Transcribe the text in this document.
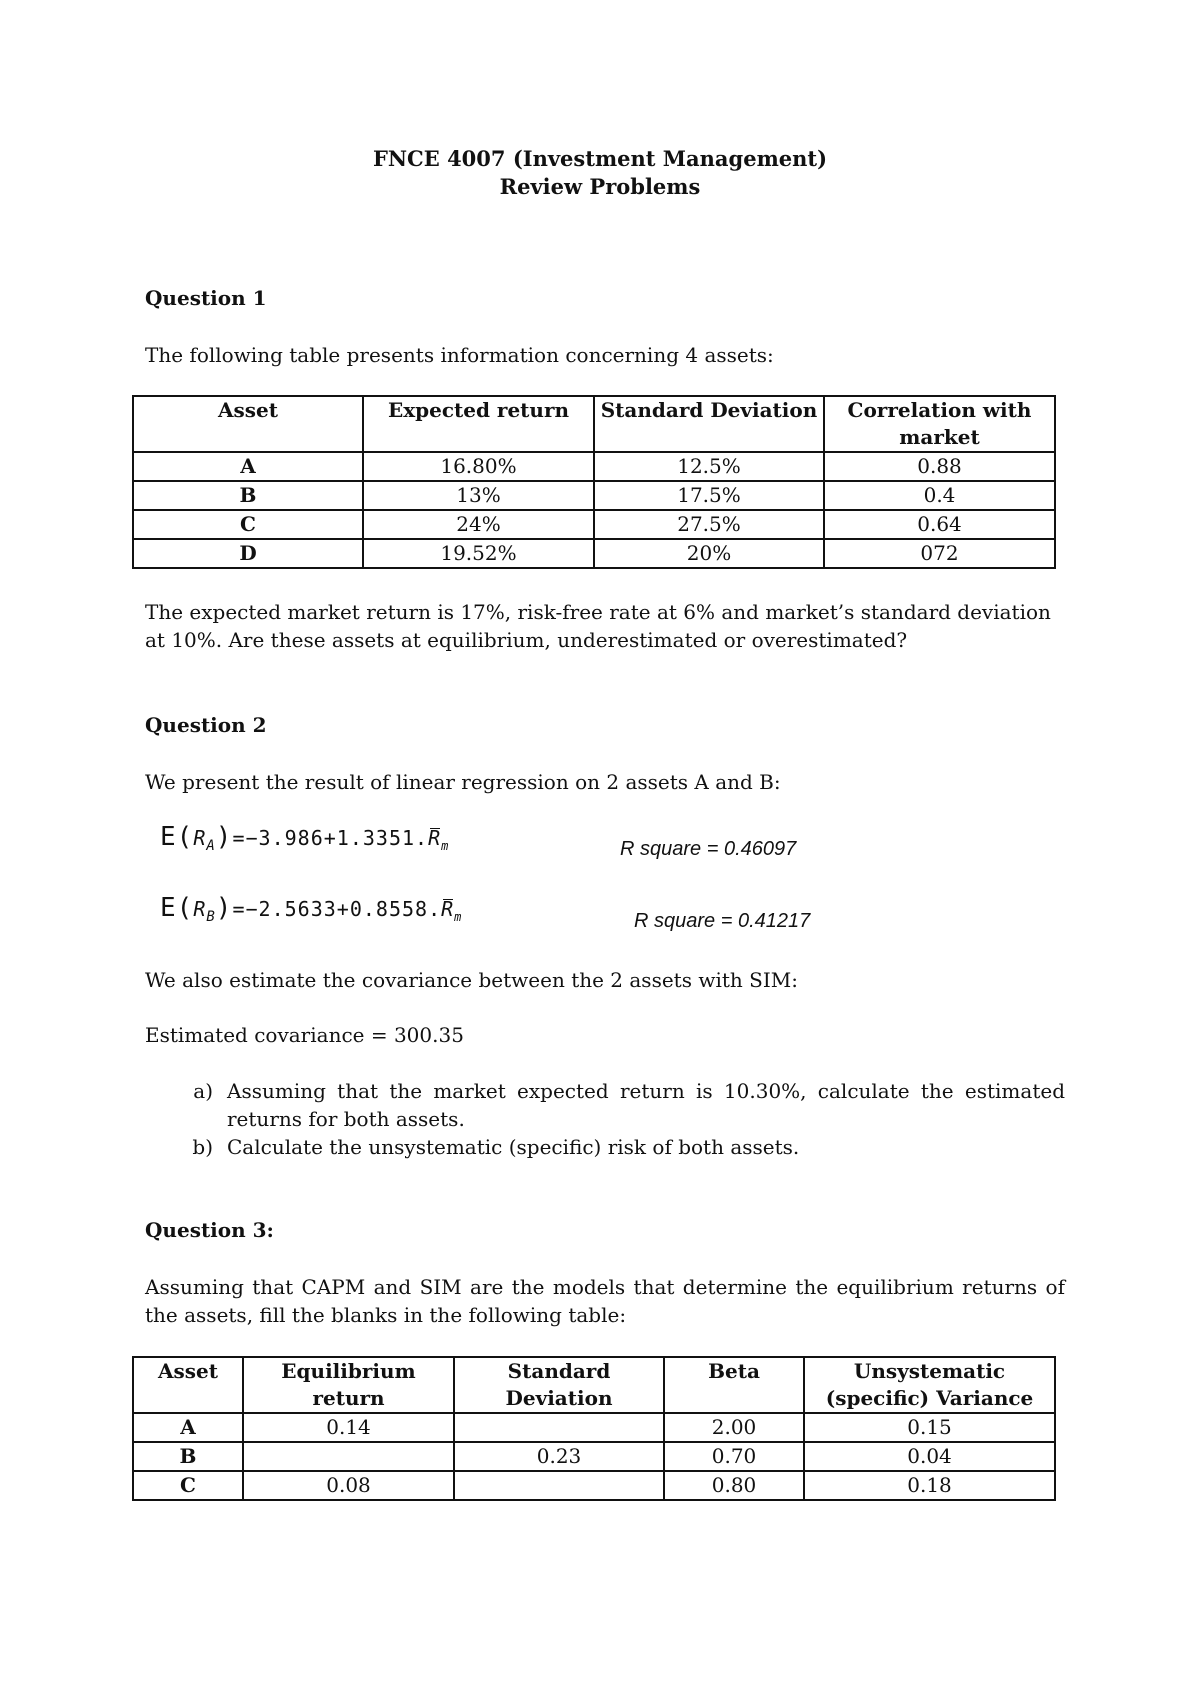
FNCE 4007 (Investment Management)
Review Problems
Question 1
The following table presents information concerning 4 assets:
Asset	Expected return	Standard Deviation	Correlation with market
A	16.80%	12.5%	0.88
B	13%	17.5%	0.4
C	24%	27.5%	0.64
D	19.52%	20%	072
The expected market return is 17%, risk-free rate at 6% and market’s standard deviation at 10%. Are these assets at equilibrium, underestimated or overestimated?
Question 2
We present the result of linear regression on 2 assets A and B:
$E(R_A)=-3.986+1.3351.R_m$	R square = 0.46097
$E(R_B)=-2.5633+0.8558.R_m$	R square = 0.41217
We also estimate the covariance between the 2 assets with SIM:
Estimated covariance = 300.35
a) Assuming that the market expected return is 10.30%, calculate the estimated returns for both assets.
b) Calculate the unsystematic (specific) risk of both assets.
Question 3:
Assuming that CAPM and SIM are the models that determine the equilibrium returns of the assets, fill the blanks in the following table:
Asset	Equilibrium return	Standard Deviation	Beta	Unsystematic (specific) Variance
A	0.14		2.00	0.15
B		0.23	0.70	0.04
C	0.08		0.80	0.18
